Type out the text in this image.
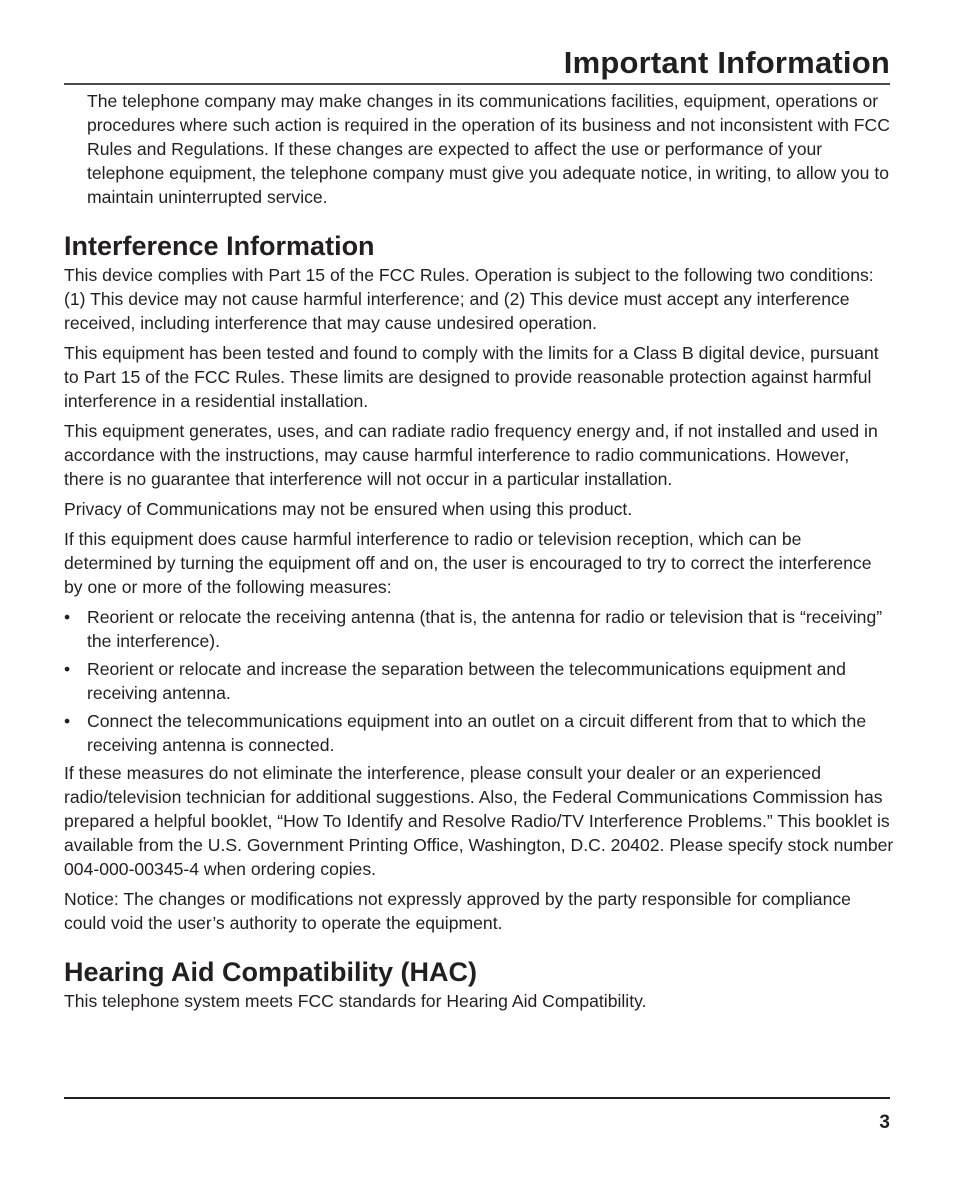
Important Information

The telephone company may make changes in its communications facilities, equipment, operations or procedures where such action is required in the operation of its business and not inconsistent with FCC Rules and Regulations. If these changes are expected to affect the use or performance of your telephone equipment, the telephone company must give you adequate notice, in writing, to allow you to maintain uninterrupted service.

Interference Information

This device complies with Part 15 of the FCC Rules. Operation is subject to the following two conditions: (1) This device may not cause harmful interference; and (2) This device must accept any interference received, including interference that may cause undesired operation.

This equipment has been tested and found to comply with the limits for a Class B digital device, pursuant to Part 15 of the FCC Rules. These limits are designed to provide reasonable protection against harmful interference in a residential installation.

This equipment generates, uses, and can radiate radio frequency energy and, if not installed and used in accordance with the instructions, may cause harmful interference to radio communications. However, there is no guarantee that interference will not occur in a particular installation.

Privacy of Communications may not be ensured when using this product.

If this equipment does cause harmful interference to radio or television reception, which can be determined by turning the equipment off and on, the user is encouraged to try to correct the interference by one or more of the following measures:

• Reorient or relocate the receiving antenna (that is, the antenna for radio or television that is “receiving” the interference).
• Reorient or relocate and increase the separation between the telecommunications equipment and receiving antenna.
• Connect the telecommunications equipment into an outlet on a circuit different from that to which the receiving antenna is connected.

If these measures do not eliminate the interference, please consult your dealer or an experienced radio/television technician for additional suggestions. Also, the Federal Communications Commission has prepared a helpful booklet, “How To Identify and Resolve Radio/TV Interference Problems.” This booklet is available from the U.S. Government Printing Office, Washington, D.C. 20402. Please specify stock number 004-000-00345-4 when ordering copies.

Notice: The changes or modifications not expressly approved by the party responsible for compliance could void the user’s authority to operate the equipment.

Hearing Aid Compatibility (HAC)

This telephone system meets FCC standards for Hearing Aid Compatibility.

3
